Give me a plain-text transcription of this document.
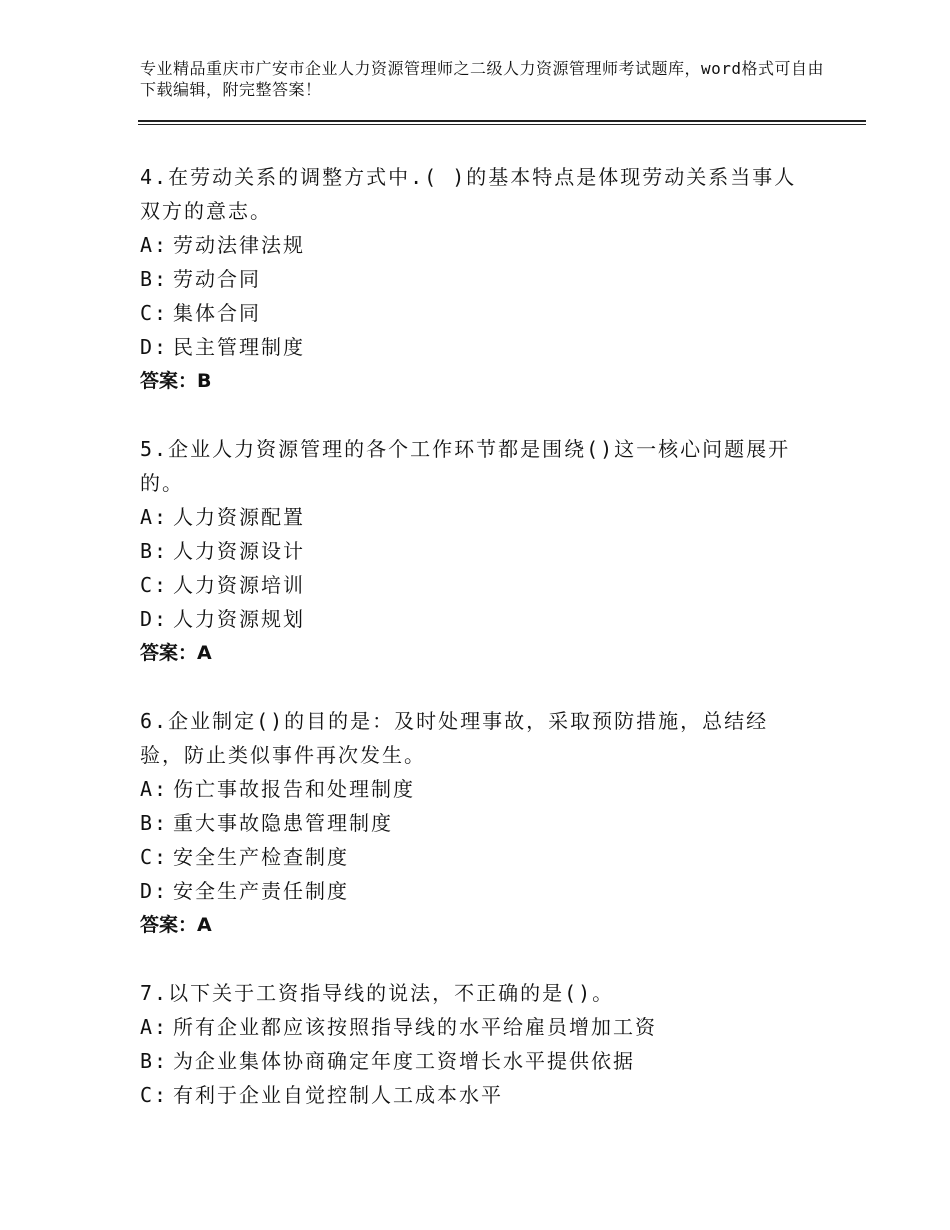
专业精品重庆市广安市企业人力资源管理师之二级人力资源管理师考试题库，word格式可自由下载编辑，附完整答案！
4.在劳动关系的调整方式中.( )的基本特点是体现劳动关系当事人双方的意志。
A: 劳动法律法规
B: 劳动合同
C: 集体合同
D: 民主管理制度
答案：B
5.企业人力资源管理的各个工作环节都是围绕()这一核心问题展开的。
A: 人力资源配置
B: 人力资源设计
C: 人力资源培训
D: 人力资源规划
答案：A
6.企业制定()的目的是：及时处理事故，采取预防措施，总结经验，防止类似事件再次发生。
A: 伤亡事故报告和处理制度
B: 重大事故隐患管理制度
C: 安全生产检查制度
D: 安全生产责任制度
答案：A
7.以下关于工资指导线的说法，不正确的是()。
A: 所有企业都应该按照指导线的水平给雇员增加工资
B: 为企业集体协商确定年度工资增长水平提供依据
C: 有利于企业自觉控制人工成本水平
